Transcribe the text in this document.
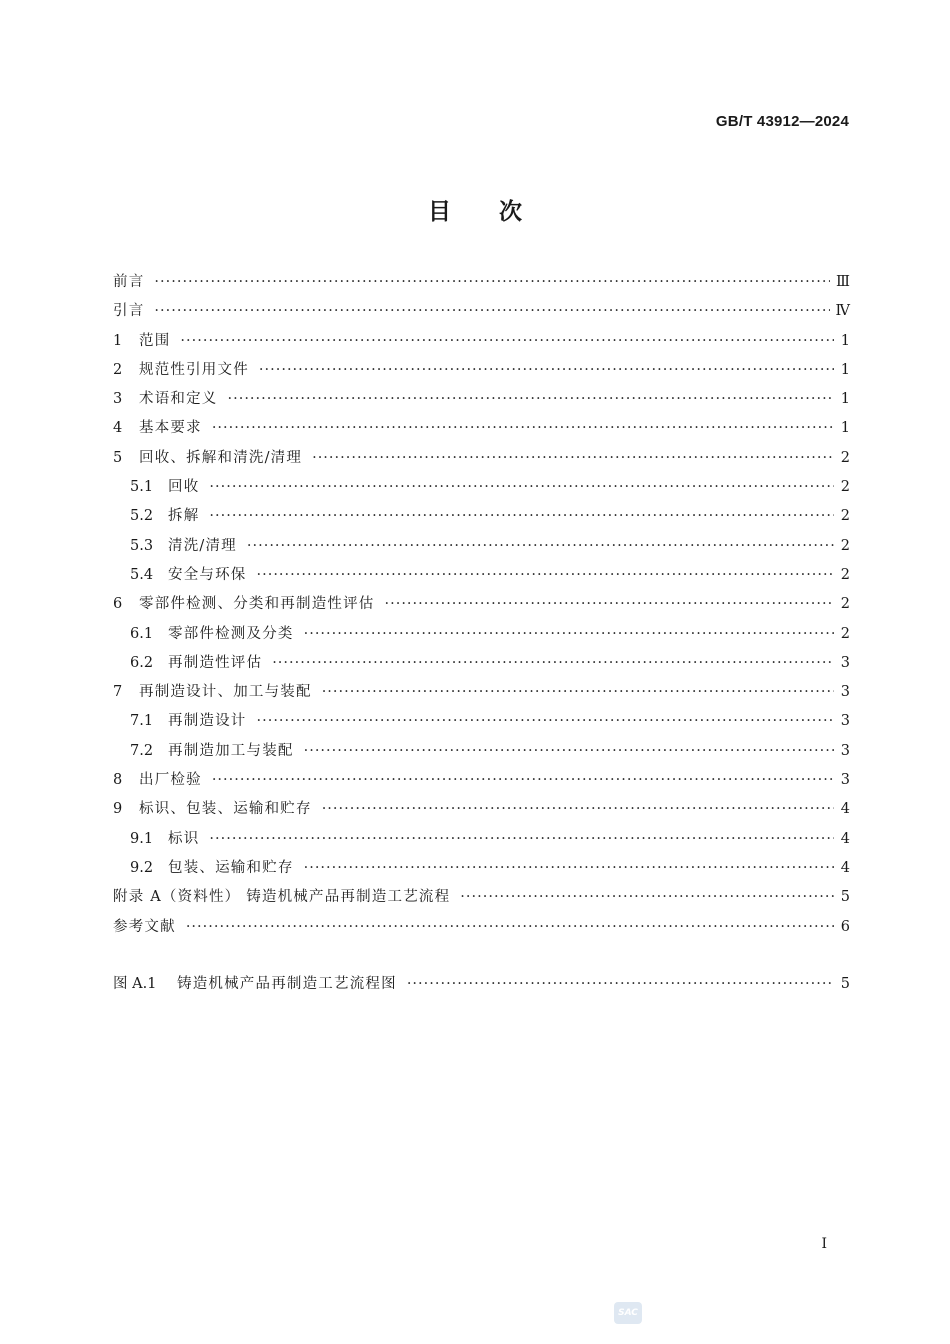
GB/T 43912—2024
目次
前言 ·····	Ⅲ
引言 ·····	Ⅳ
1	范围 ·····	1
2	规范性引用文件 ·····	1
3	术语和定义 ·····	1
4	基本要求 ·····	1
5	回收、拆解和清洗/清理 ·····	2
5.1	回收 ·····	2
5.2	拆解 ·····	2
5.3	清洗/清理 ·····	2
5.4	安全与环保 ·····	2
6	零部件检测、分类和再制造性评估 ·····	2
6.1	零部件检测及分类 ·····	2
6.2	再制造性评估 ·····	3
7	再制造设计、加工与装配 ·····	3
7.1	再制造设计 ·····	3
7.2	再制造加工与装配 ·····	3
8	出厂检验 ·····	3
9	标识、包装、运输和贮存 ·····	4
9.1	标识 ·····	4
9.2	包装、运输和贮存 ·····	4
附录 A（资料性） 铸造机械产品再制造工艺流程 ·····	5
参考文献 ·····	6
图 A.1	铸造机械产品再制造工艺流程图 ·····	5
Ⅰ
SAC
